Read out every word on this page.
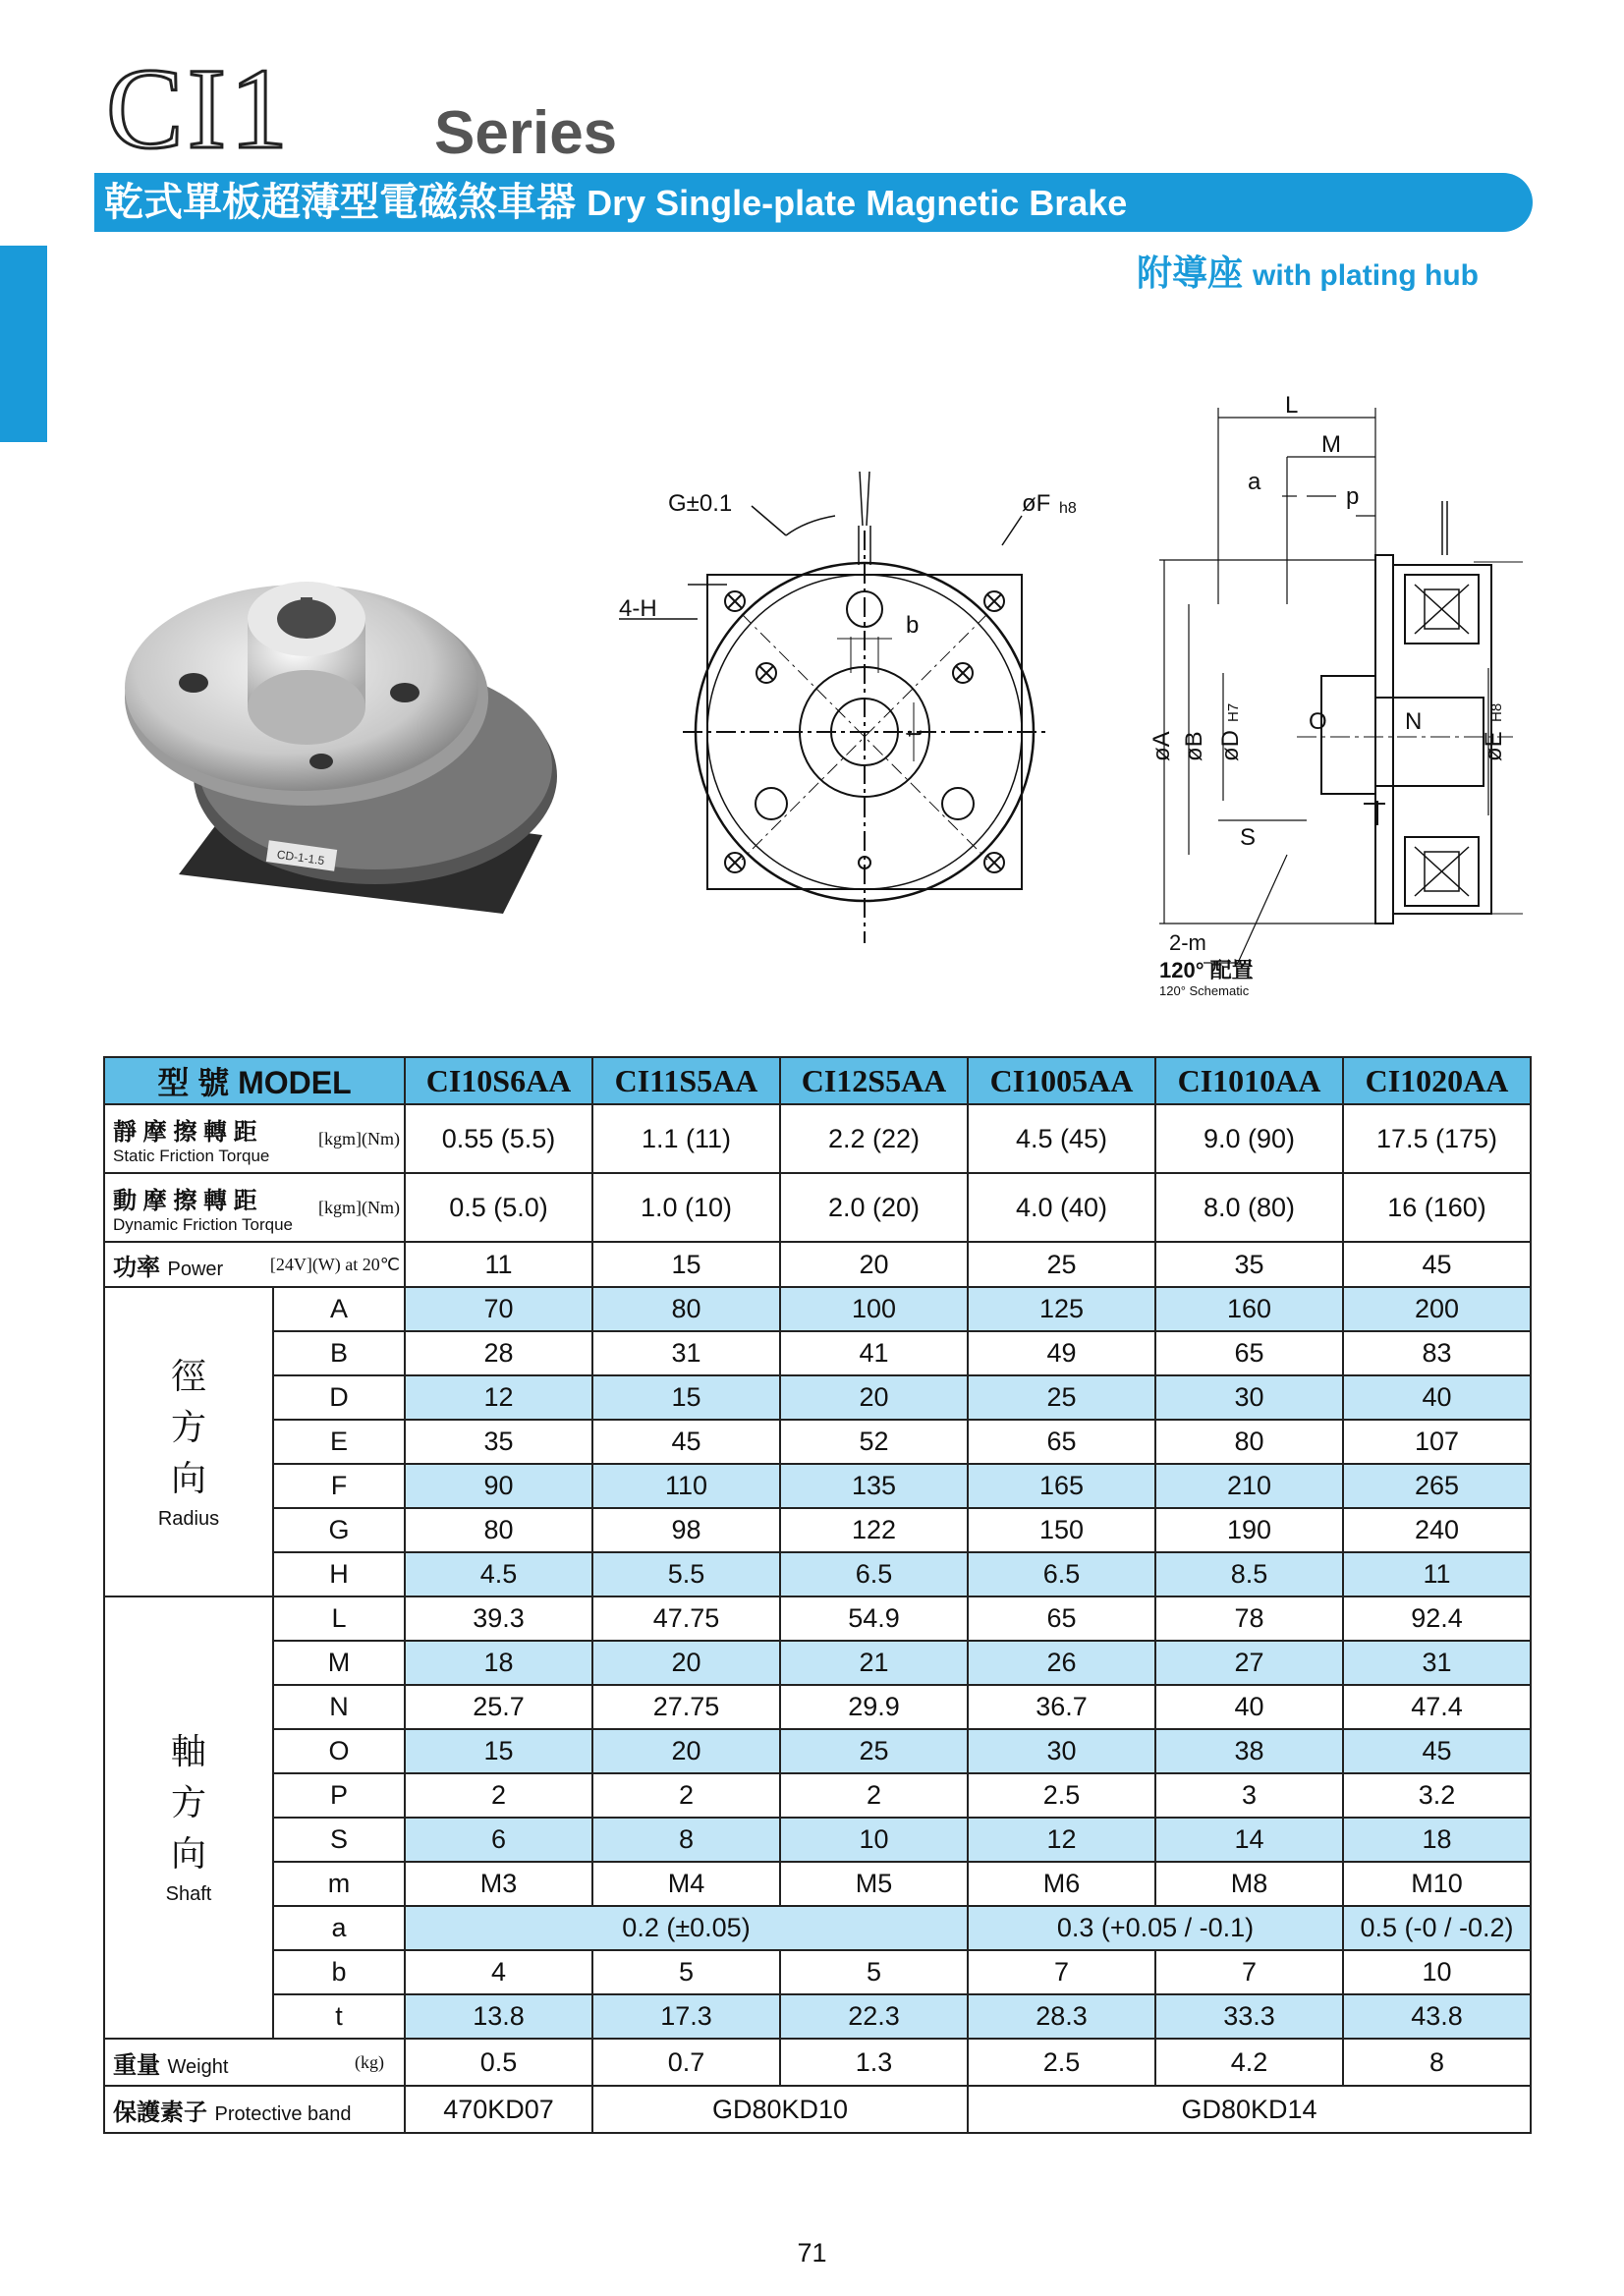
CI1 Series
乾式單板超薄型電磁煞車器 Dry Single-plate Magnetic Brake
附導座 with plating hub
CD-1-1.5
G±0.1	øF h8
4-H
b
t
L
M
a
p
øA øB øD
H7
øE
H8
O	N
S
2-m
120° 配置
120° Schematic
型 號 MODEL		CI10S6AA	CI11S5AA	CI12S5AA	CI1005AA	CI1010AA	CI1020AA

靜 摩 擦 轉 距
Static Friction Torque
[kgm](Nm)		0.55 (5.5)	1.1 (11)	2.2 (22)	4.5 (45)	9.0 (90)	17.5 (175)

動 摩 擦 轉 距
Dynamic Friction Torque
[kgm](Nm)		0.5 (5.0)	1.0 (10)	2.0 (20)	4.0 (40)	8.0 (80)	16 (160)

功率 Power [24V](W) at 20℃		11	15	20	25	35	45

徑
方
向
Radius	A	70	80	100	125	160	200
	B	28	31	41	49	65	83
	D	12	15	20	25	30	40
	E	35	45	52	65	80	107
	F	90	110	135	165	210	265
	G	80	98	122	150	190	240
	H	4.5	5.5	6.5	6.5	8.5	11

軸
方
向
Shaft	L	39.3	47.75	54.9	65	78	92.4
	M	18	20	21	26	27	31
	N	25.7	27.75	29.9	36.7	40	47.4
	O	15	20	25	30	38	45
	P	2	2	2	2.5	3	3.2
	S	6	8	10	12	14	18
	m	M3	M4	M5	M6	M8	M10
	a	0.2 (±0.05)			0.3 (+0.05 / -0.1)		0.5 (-0 / -0.2)
	b	4	5	5	7	7	10
	t	13.8	17.3	22.3	28.3	33.3	43.8

重量 Weight (kg)		0.5	0.7	1.3	2.5	4.2	8
保護素子 Protective band		470KD07	GD80KD10		GD80KD14		
71
